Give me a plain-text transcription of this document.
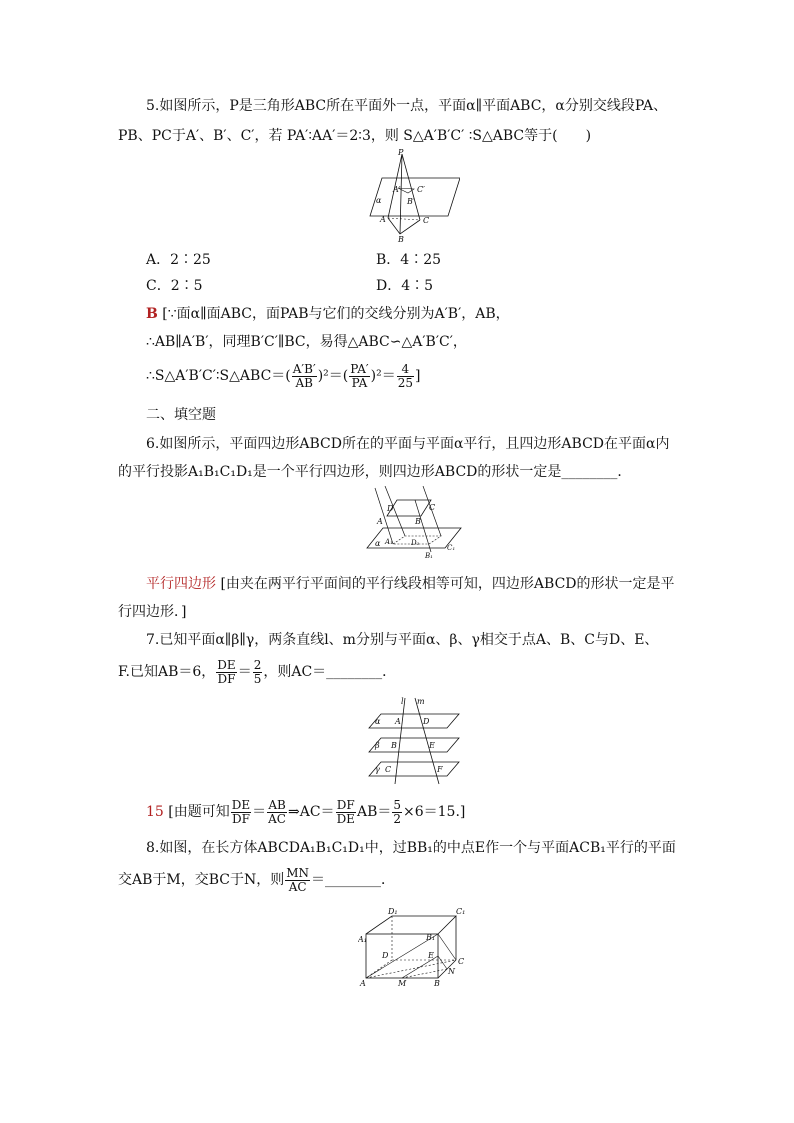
5.如图所示，P是三角形ABC所在平面外一点，平面α∥平面ABC，α分别交线段PA、
PB、PC于A′、B′、C′，若 PA′∶AA′＝2∶3，则 S△A′B′C′ ∶S△ABC等于(　　)
P
A′ C′
B′
α
A	C
B
A．2∶25	B．4∶25
C．2∶5	D．4∶5
B [∵面α∥面ABC，面PAB与它们的交线分别为A′B′，AB，
∴AB∥A′B′，同理B′C′∥BC，易得△ABC∽△A′B′C′，
∴S△A′B′C′∶S△ABC＝( $\frac{A'B'}{AB} )^2=( \frac{PA'}{PA} )^2= \frac{4}{25}$ ]
二、填空题
6.如图所示，平面四边形ABCD所在的平面与平面α平行，且四边形ABCD在平面α内
的平行投影A₁B₁C₁D₁是一个平行四边形，则四边形ABCD的形状一定是________．
D	C
A	B
α A₁	D₁
C₁
B₁
平行四边形 [由夹在两平行平面间的平行线段相等可知，四边形ABCD的形状一定是平
行四边形．]
7.已知平面α∥β∥γ，两条直线l、m分别与平面α、β、γ相交于点A、B、C与D、E、
F.已知AB＝6， $\frac{DE}{DF} = \frac{2}{5}$ ，则AC＝________．
l m
α A	D
β B	E
γ C	F
15 [由题可知 $\frac{DE}{DF} = \frac{AB}{AC}$ ⇒AC＝ $\frac{DF}{DE} AB= \frac{5}{2} \times 6=15$.]
8.如图，在长方体ABCDA₁B₁C₁D₁中，过BB₁的中点E作一个与平面ACB₁平行的平面
交AB于M，交BC于N，则 $\frac{MN}{AC}$ ＝________．
D₁	C₁
A₁	B₁
D	E
C
N
A	M	B
